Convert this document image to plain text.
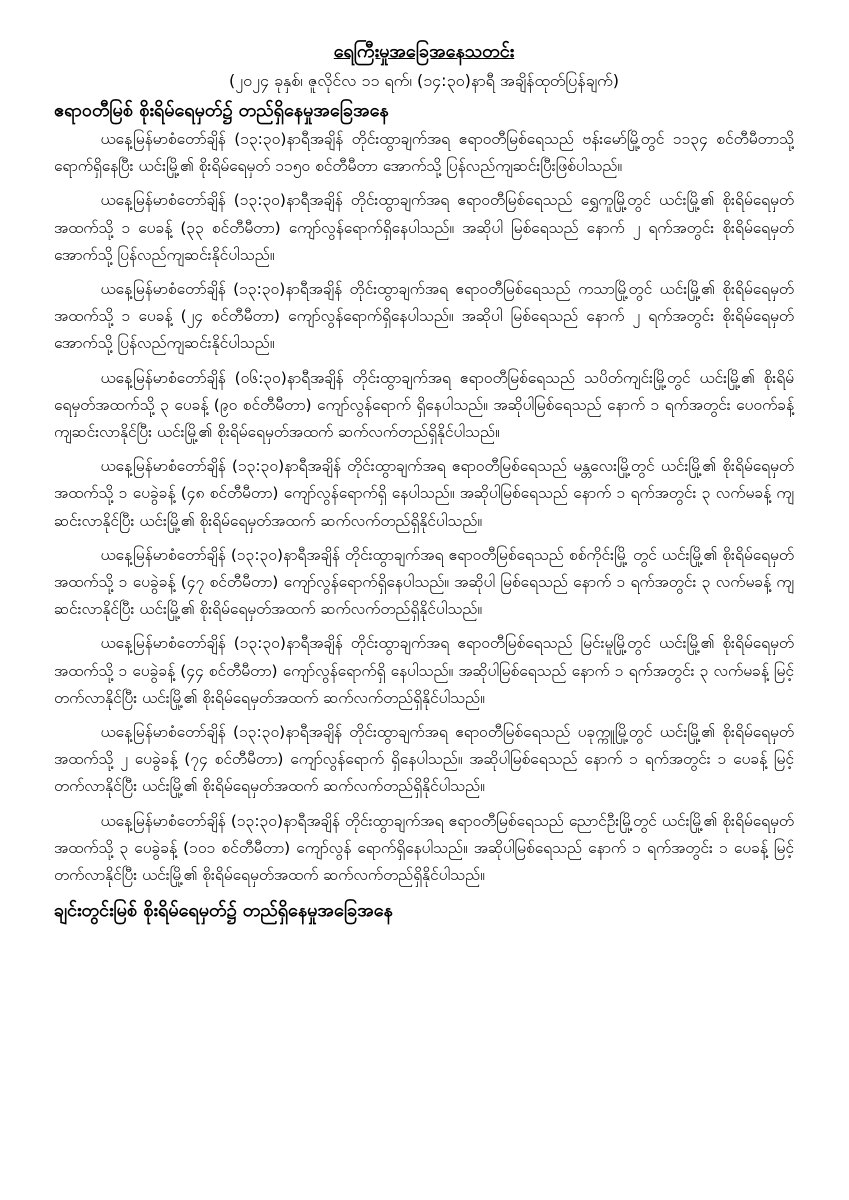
ရေကြီးမှုအခြေအနေသတင်း

(၂၀၂၄ ခုနှစ်၊ ဇူလိုင်လ ၁၁ ရက်၊ (၁၄:၃၀)နာရီ အချိန်ထုတ်ပြန်ချက်)

ဧရာဝတီမြစ် စိုးရိမ်ရေမှတ်၌ တည်ရှိနေမှုအခြေအနေ

ယနေ့မြန်မာစံတော်ချိန် (၁၃:၃၀)နာရီအချိန် တိုင်းထွာချက်အရ ဧရာဝတီမြစ်ရေသည် ဗန်းမော်မြို့တွင် ၁၁၃၄ စင်တီမီတာသို့ ရောက်ရှိနေပြီး ယင်းမြို့၏ စိုးရိမ်ရေမှတ် ၁၁၅၀ စင်တီမီတာ အောက်သို့ ပြန်လည်ကျဆင်းပြီးဖြစ်ပါသည်။

ယနေ့မြန်မာစံတော်ချိန် (၁၃:၃၀)နာရီအချိန် တိုင်းထွာချက်အရ ဧရာဝတီမြစ်ရေသည် ရွှေကူမြို့တွင် ယင်းမြို့၏ စိုးရိမ်ရေမှတ်အထက်သို့ ၁ ပေခန့် (၃၃ စင်တီမီတာ) ကျော်လွန်ရောက်ရှိနေပါသည်။ အဆိုပါ မြစ်ရေသည် နောက် ၂ ရက်အတွင်း စိုးရိမ်ရေမှတ်အောက်သို့ ပြန်လည်ကျဆင်းနိုင်ပါသည်။

ယနေ့မြန်မာစံတော်ချိန် (၁၃:၃၀)နာရီအချိန် တိုင်းထွာချက်အရ ဧရာဝတီမြစ်ရေသည် ကသာမြို့တွင် ယင်းမြို့၏ စိုးရိမ်ရေမှတ်အထက်သို့ ၁ ပေခန့် (၂၄ စင်တီမီတာ) ကျော်လွန်ရောက်ရှိနေပါသည်။ အဆိုပါ မြစ်ရေသည် နောက် ၂ ရက်အတွင်း စိုးရိမ်ရေမှတ်အောက်သို့ ပြန်လည်ကျဆင်းနိုင်ပါသည်။

ယနေ့မြန်မာစံတော်ချိန် (၀၆:၃၀)နာရီအချိန် တိုင်းထွာချက်အရ ဧရာဝတီမြစ်ရေသည် သပိတ်ကျင်းမြို့တွင် ယင်းမြို့၏ စိုးရိမ်ရေမှတ်အထက်သို့ ၃ ပေခန့် (၉၀ စင်တီမီတာ) ကျော်လွန်ရောက် ရှိနေပါသည်။ အဆိုပါမြစ်ရေသည် နောက် ၁ ရက်အတွင်း ပေဝက်ခန့် ကျဆင်းလာနိုင်ပြီး ယင်းမြို့၏ စိုးရိမ်ရေမှတ်အထက် ဆက်လက်တည်ရှိနိုင်ပါသည်။

ယနေ့မြန်မာစံတော်ချိန် (၁၃:၃၀)နာရီအချိန် တိုင်းထွာချက်အရ ဧရာဝတီမြစ်ရေသည် မန္တလေးမြို့တွင် ယင်းမြို့၏ စိုးရိမ်ရေမှတ်အထက်သို့ ၁ ပေခွဲခန့် (၄၈ စင်တီမီတာ) ကျော်လွန်ရောက်ရှိ နေပါသည်။ အဆိုပါမြစ်ရေသည် နောက် ၁ ရက်အတွင်း ၃ လက်မခန့် ကျဆင်းလာနိုင်ပြီး ယင်းမြို့၏ စိုးရိမ်ရေမှတ်အထက် ဆက်လက်တည်ရှိနိုင်ပါသည်။

ယနေ့မြန်မာစံတော်ချိန် (၁၃:၃၀)နာရီအချိန် တိုင်းထွာချက်အရ ဧရာဝတီမြစ်ရေသည် စစ်ကိုင်းမြို့ တွင် ယင်းမြို့၏ စိုးရိမ်ရေမှတ်အထက်သို့ ၁ ပေခွဲခန့် (၄၇ စင်တီမီတာ) ကျော်လွန်ရောက်ရှိနေပါသည်။ အဆိုပါ မြစ်ရေသည် နောက် ၁ ရက်အတွင်း ၃ လက်မခန့် ကျဆင်းလာနိုင်ပြီး ယင်းမြို့၏ စိုးရိမ်ရေမှတ်အထက် ဆက်လက်တည်ရှိနိုင်ပါသည်။

ယနေ့မြန်မာစံတော်ချိန် (၁၃:၃၀)နာရီအချိန် တိုင်းထွာချက်အရ ဧရာဝတီမြစ်ရေသည် မြင်းမူမြို့တွင် ယင်းမြို့၏ စိုးရိမ်ရေမှတ်အထက်သို့ ၁ ပေခွဲခန့် (၄၄ စင်တီမီတာ) ကျော်လွန်ရောက်ရှိ နေပါသည်။ အဆိုပါမြစ်ရေသည် နောက် ၁ ရက်အတွင်း ၃ လက်မခန့် မြင့်တက်လာနိုင်ပြီး ယင်းမြို့၏ စိုးရိမ်ရေမှတ်အထက် ဆက်လက်တည်ရှိနိုင်ပါသည်။

ယနေ့မြန်မာစံတော်ချိန် (၁၃:၃၀)နာရီအချိန် တိုင်းထွာချက်အရ ဧရာဝတီမြစ်ရေသည် ပခုက္ကူမြို့တွင် ယင်းမြို့၏ စိုးရိမ်ရေမှတ်အထက်သို့ ၂ ပေခွဲခန့် (၇၄ စင်တီမီတာ) ကျော်လွန်ရောက် ရှိနေပါသည်။ အဆိုပါမြစ်ရေသည် နောက် ၁ ရက်အတွင်း ၁ ပေခန့် မြင့်တက်လာနိုင်ပြီး ယင်းမြို့၏ စိုးရိမ်ရေမှတ်အထက် ဆက်လက်တည်ရှိနိုင်ပါသည်။

ယနေ့မြန်မာစံတော်ချိန် (၁၃:၃၀)နာရီအချိန် တိုင်းထွာချက်အရ ဧရာဝတီမြစ်ရေသည် ညောင်ဦးမြို့တွင် ယင်းမြို့၏ စိုးရိမ်ရေမှတ်အထက်သို့ ၃ ပေခွဲခန့် (၁၀၁ စင်တီမီတာ) ကျော်လွန် ရောက်ရှိနေပါသည်။ အဆိုပါမြစ်ရေသည် နောက် ၁ ရက်အတွင်း ၁ ပေခန့် မြင့်တက်လာနိုင်ပြီး ယင်းမြို့၏ စိုးရိမ်ရေမှတ်အထက် ဆက်လက်တည်ရှိနိုင်ပါသည်။

ချင်းတွင်းမြစ် စိုးရိမ်ရေမှတ်၌ တည်ရှိနေမှုအခြေအနေ
